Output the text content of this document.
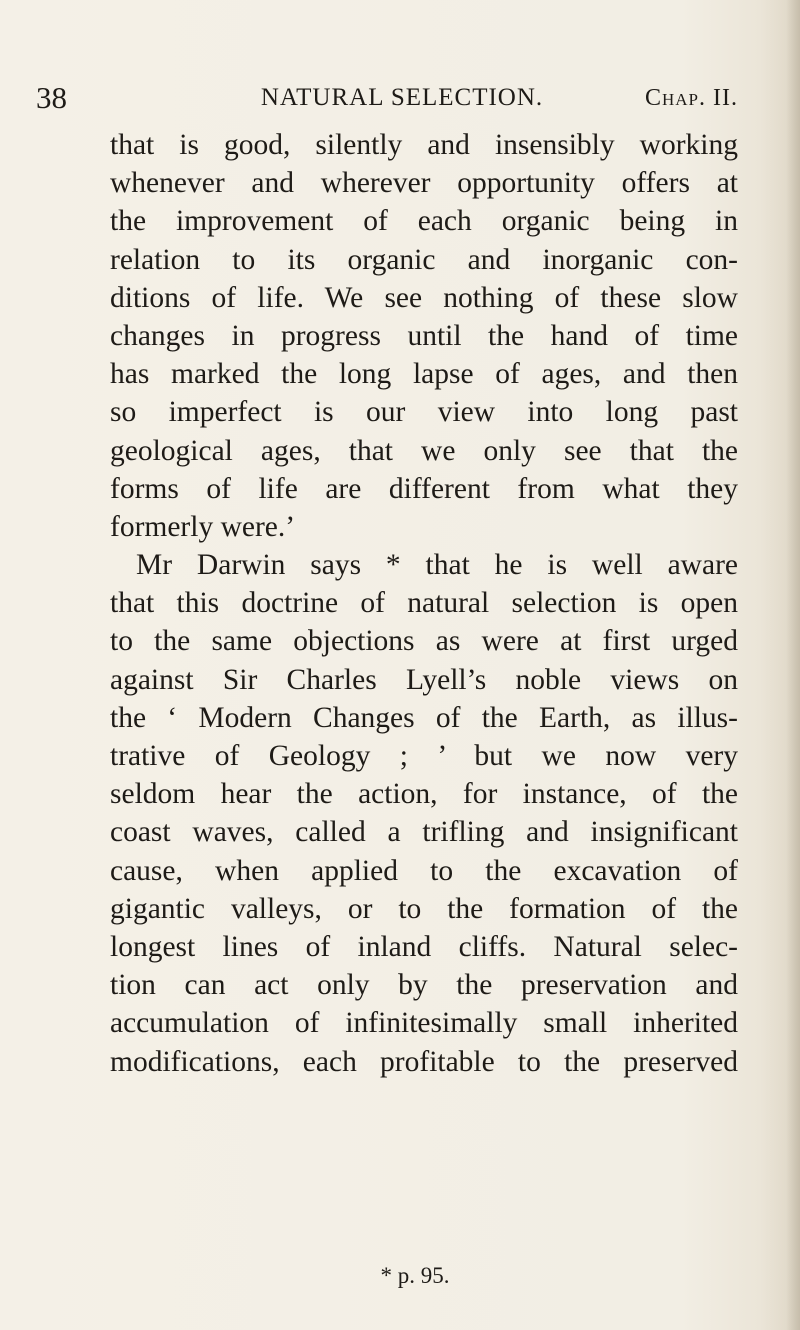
38	NATURAL SELECTION.	Chap. II.
that is good, silently and insensibly working
whenever and wherever opportunity offers at
the improvement of each organic being in
relation to its organic and inorganic con-
ditions of life. We see nothing of these slow
changes in progress until the hand of time
has marked the long lapse of ages, and then
so imperfect is our view into long past
geological ages, that we only see that the
forms of life are different from what they
formerly were.’
Mr Darwin says * that he is well aware
that this doctrine of natural selection is open
to the same objections as were at first urged
against Sir Charles Lyell’s noble views on
the ‘ Modern Changes of the Earth, as illus-
trative of Geology ; ’ but we now very
seldom hear the action, for instance, of the
coast waves, called a trifling and insignificant
cause, when applied to the excavation of
gigantic valleys, or to the formation of the
longest lines of inland cliffs. Natural selec-
tion can act only by the preservation and
accumulation of infinitesimally small inherited
modifications, each profitable to the preserved
* p. 95.
